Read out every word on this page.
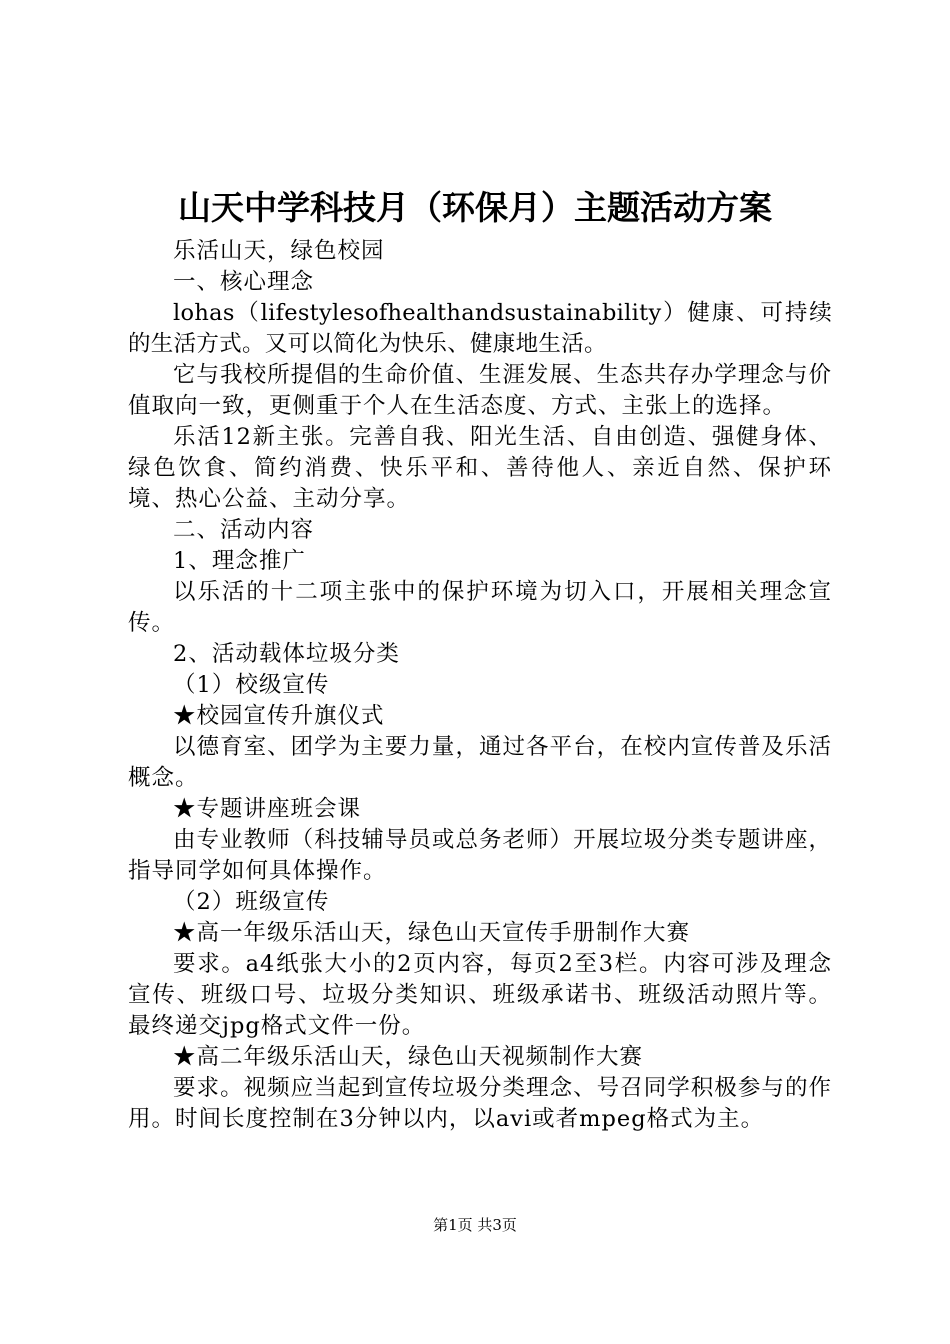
山天中学科技月（环保月）主题活动方案

乐活山天，绿色校园

一、核心理念

lohas（lifestylesofhealthandsustainability）健康、可持续的生活方式。又可以简化为快乐、健康地生活。

它与我校所提倡的生命价值、生涯发展、生态共存办学理念与价值取向一致，更侧重于个人在生活态度、方式、主张上的选择。

乐活12新主张。完善自我、阳光生活、自由创造、强健身体、绿色饮食、简约消费、快乐平和、善待他人、亲近自然、保护环境、热心公益、主动分享。

二、活动内容

1、理念推广

以乐活的十二项主张中的保护环境为切入口，开展相关理念宣传。

2、活动载体垃圾分类

（1）校级宣传

★校园宣传升旗仪式

以德育室、团学为主要力量，通过各平台，在校内宣传普及乐活概念。

★专题讲座班会课

由专业教师（科技辅导员或总务老师）开展垃圾分类专题讲座，指导同学如何具体操作。

（2）班级宣传

★高一年级乐活山天，绿色山天宣传手册制作大赛

要求。a4纸张大小的2页内容，每页2至3栏。内容可涉及理念宣传、班级口号、垃圾分类知识、班级承诺书、班级活动照片等。最终递交jpg格式文件一份。

★高二年级乐活山天，绿色山天视频制作大赛

要求。视频应当起到宣传垃圾分类理念、号召同学积极参与的作用。时间长度控制在3分钟以内，以avi或者mpeg格式为主。

第1页 共3页
